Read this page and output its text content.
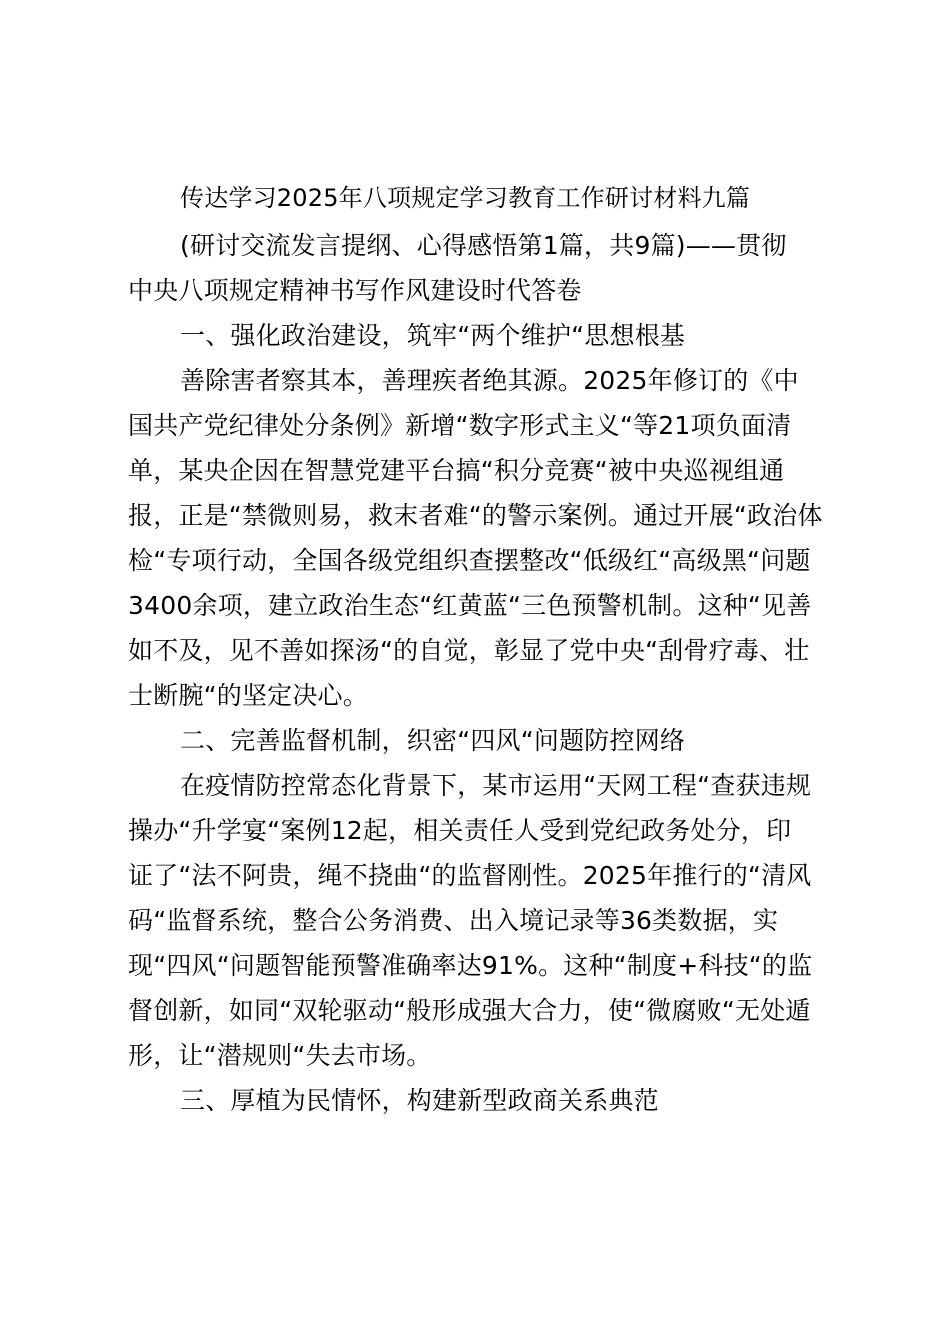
传达学习2025年八项规定学习教育工作研讨材料九篇
(研讨交流发言提纲、心得感悟第1篇，共9篇)——贯彻
中央八项规定精神书写作风建设时代答卷
一、强化政治建设，筑牢“两个维护“思想根基
善除害者察其本，善理疾者绝其源。2025年修订的《中
国共产党纪律处分条例》新增“数字形式主义“等21项负面清
单，某央企因在智慧党建平台搞“积分竞赛“被中央巡视组通
报，正是“禁微则易，救末者难“的警示案例。通过开展“政治体
检“专项行动，全国各级党组织查摆整改“低级红“高级黑“问题
3400余项，建立政治生态“红黄蓝“三色预警机制。这种“见善
如不及，见不善如探汤“的自觉，彰显了党中央“刮骨疗毒、壮
士断腕“的坚定决心。
二、完善监督机制，织密“四风“问题防控网络
在疫情防控常态化背景下，某市运用“天网工程“查获违规
操办“升学宴“案例12起，相关责任人受到党纪政务处分，印
证了“法不阿贵，绳不挠曲“的监督刚性。2025年推行的“清风
码“监督系统，整合公务消费、出入境记录等36类数据，实
现“四风“问题智能预警准确率达91%。这种“制度+科技“的监
督创新，如同“双轮驱动“般形成强大合力，使“微腐败“无处遁
形，让“潜规则“失去市场。
三、厚植为民情怀，构建新型政商关系典范
